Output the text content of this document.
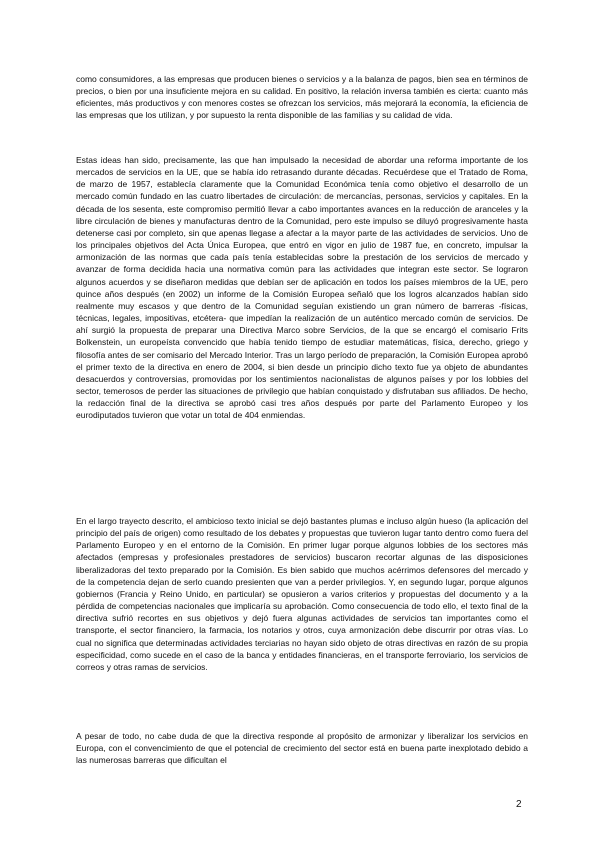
como consumidores, a las empresas que producen bienes o servicios y a la balanza de pagos, bien sea en términos de precios, o bien por una insuficiente mejora en su calidad. En positivo, la relación inversa también es cierta: cuanto más eficientes, más productivos y con menores costes se ofrezcan los servicios, más mejorará la economía, la eficiencia de las empresas que los utilizan, y por supuesto la renta disponible de las familias y su calidad de vida.

Estas ideas han sido, precisamente, las que han impulsado la necesidad de abordar una reforma importante de los mercados de servicios en la UE, que se había ido retrasando durante décadas. Recuérdese que el Tratado de Roma, de marzo de 1957, establecía claramente que la Comunidad Económica tenía como objetivo el desarrollo de un mercado común fundado en las cuatro libertades de circulación: de mercancías, personas, servicios y capitales. En la década de los sesenta, este compromiso permitió llevar a cabo importantes avances en la reducción de aranceles y la libre circulación de bienes y manufacturas dentro de la Comunidad, pero este impulso se diluyó progresivamente hasta detenerse casi por completo, sin que apenas llegase a afectar a la mayor parte de las actividades de servicios. Uno de los principales objetivos del Acta Única Europea, que entró en vigor en julio de 1987 fue, en concreto, impulsar la armonización de las normas que cada país tenía establecidas sobre la prestación de los servicios de mercado y avanzar de forma decidida hacia una normativa común para las actividades que integran este sector. Se lograron algunos acuerdos y se diseñaron medidas que debían ser de aplicación en todos los países miembros de la UE, pero quince años después (en 2002) un informe de la Comisión Europea señaló que los logros alcanzados habían sido realmente muy escasos y que dentro de la Comunidad seguían existiendo un gran número de barreras -físicas, técnicas, legales, impositivas, etcétera- que impedían la realización de un auténtico mercado común de servicios. De ahí surgió la propuesta de preparar una Directiva Marco sobre Servicios, de la que se encargó el comisario Frits Bolkenstein, un europeísta convencido que había tenido tiempo de estudiar matemáticas, física, derecho, griego y filosofía antes de ser comisario del Mercado Interior. Tras un largo período de preparación, la Comisión Europea aprobó el primer texto de la directiva en enero de 2004, si bien desde un principio dicho texto fue ya objeto de abundantes desacuerdos y controversias, promovidas por los sentimientos nacionalistas de algunos países y por los lobbies del sector, temerosos de perder las situaciones de privilegio que habían conquistado y disfrutaban sus afiliados. De hecho, la redacción final de la directiva se aprobó casi tres años después por parte del Parlamento Europeo y los eurodiputados tuvieron que votar un total de 404 enmiendas.

En el largo trayecto descrito, el ambicioso texto inicial se dejó bastantes plumas e incluso algún hueso (la aplicación del principio del país de origen) como resultado de los debates y propuestas que tuvieron lugar tanto dentro como fuera del Parlamento Europeo y en el entorno de la Comisión. En primer lugar porque algunos lobbies de los sectores más afectados (empresas y profesionales prestadores de servicios) buscaron recortar algunas de las disposiciones liberalizadoras del texto preparado por la Comisión. Es bien sabido que muchos acérrimos defensores del mercado y de la competencia dejan de serlo cuando presienten que van a perder privilegios. Y, en segundo lugar, porque algunos gobiernos (Francia y Reino Unido, en particular) se opusieron a varios criterios y propuestas del documento y a la pérdida de competencias nacionales que implicaría su aprobación. Como consecuencia de todo ello, el texto final de la directiva sufrió recortes en sus objetivos y dejó fuera algunas actividades de servicios tan importantes como el transporte, el sector financiero, la farmacia, los notarios y otros, cuya armonización debe discurrir por otras vías. Lo cual no significa que determinadas actividades terciarias no hayan sido objeto de otras directivas en razón de su propia especificidad, como sucede en el caso de la banca y entidades financieras, en el transporte ferroviario, los servicios de correos y otras ramas de servicios.

A pesar de todo, no cabe duda de que la directiva responde al propósito de armonizar y liberalizar los servicios en Europa, con el convencimiento de que el potencial de crecimiento del sector está en buena parte inexplotado debido a las numerosas barreras que dificultan el

2
